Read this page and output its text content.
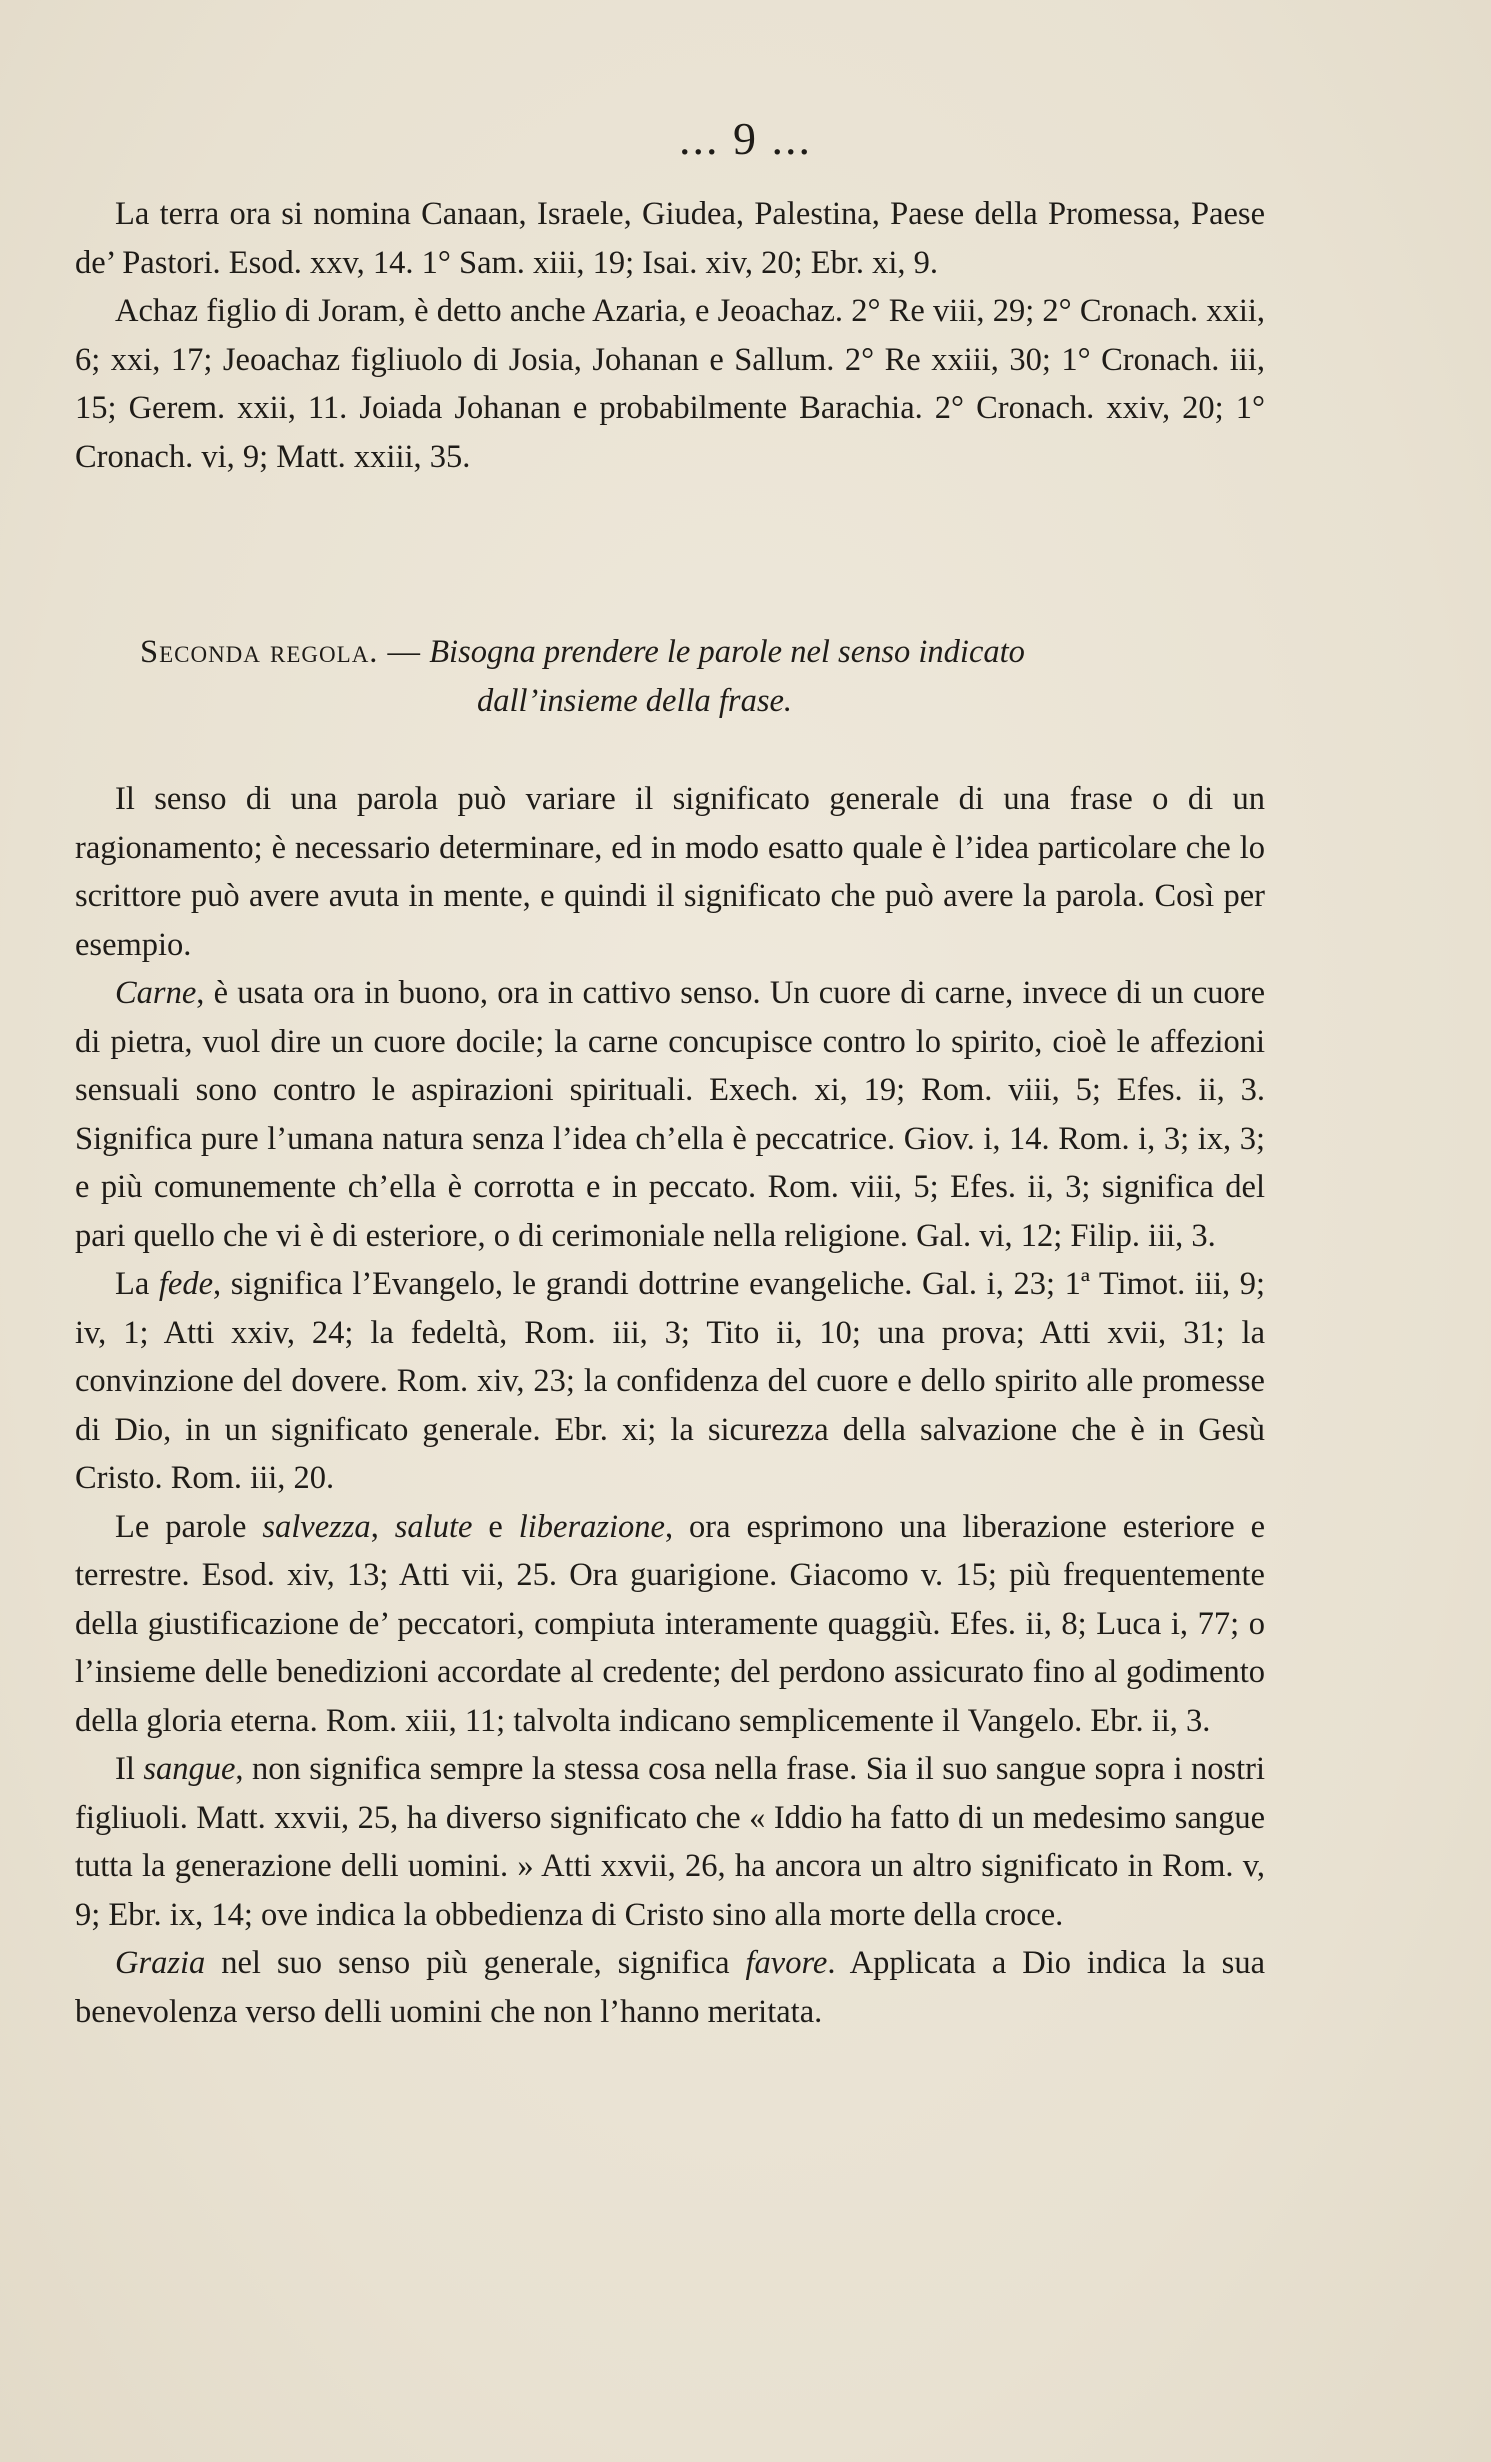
... 9 ...

La terra ora si nomina Canaan, Israele, Giudea, Palestina, Paese della Promessa, Paese de’ Pastori. Esod. xxv, 14. 1° Sam. xiii, 19; Isai. xiv, 20; Ebr. xi, 9.

Achaz figlio di Joram, è detto anche Azaria, e Jeoachaz. 2° Re viii, 29; 2° Cronach. xxii, 6; xxi, 17; Jeoachaz figliuolo di Josia, Johanan e Sallum. 2° Re xxiii, 30; 1° Cronach. iii, 15; Gerem. xxii, 11. Joiada Johanan e probabilmente Barachia. 2° Cronach. xxiv, 20; 1° Cronach. vi, 9; Matt. xxiii, 35.

Seconda regola. — Bisogna prendere le parole nel senso indicato
dall’insieme della frase.

Il senso di una parola può variare il significato generale di una frase o di un ragionamento; è necessario determinare, ed in modo esatto quale è l’idea particolare che lo scrittore può avere avuta in mente, e quindi il significato che può avere la parola. Così per esempio.

Carne, è usata ora in buono, ora in cattivo senso. Un cuore di carne, invece di un cuore di pietra, vuol dire un cuore docile; la carne concupisce contro lo spirito, cioè le affezioni sensuali sono contro le aspirazioni spirituali. Exech. xi, 19; Rom. viii, 5; Efes. ii, 3. Significa pure l’umana natura senza l’idea ch’ella è peccatrice. Giov. i, 14. Rom. i, 3; ix, 3; e più comunemente ch’ella è corrotta e in peccato. Rom. viii, 5; Efes. ii, 3; significa del pari quello che vi è di esteriore, o di cerimoniale nella religione. Gal. vi, 12; Filip. iii, 3.

La fede, significa l’Evangelo, le grandi dottrine evangeliche. Gal. i, 23; 1ª Timot. iii, 9; iv, 1; Atti xxiv, 24; la fedeltà, Rom. iii, 3; Tito ii, 10; una prova; Atti xvii, 31; la convinzione del dovere. Rom. xiv, 23; la confidenza del cuore e dello spirito alle promesse di Dio, in un significato generale. Ebr. xi; la sicurezza della salvazione che è in Gesù Cristo. Rom. iii, 20.

Le parole salvezza, salute e liberazione, ora esprimono una liberazione esteriore e terrestre. Esod. xiv, 13; Atti vii, 25. Ora guarigione. Giacomo v. 15; più frequentemente della giustificazione de’ peccatori, compiuta interamente quaggiù. Efes. ii, 8; Luca i, 77; o l’insieme delle benedizioni accordate al credente; del perdono assicurato fino al godimento della gloria eterna. Rom. xiii, 11; talvolta indicano semplicemente il Vangelo. Ebr. ii, 3.

Il sangue, non significa sempre la stessa cosa nella frase. Sia il suo sangue sopra i nostri figliuoli. Matt. xxvii, 25, ha diverso significato che « Iddio ha fatto di un medesimo sangue tutta la generazione delli uomini. » Atti xxvii, 26, ha ancora un altro significato in Rom. v, 9; Ebr. ix, 14; ove indica la obbedienza di Cristo sino alla morte della croce.

Grazia nel suo senso più generale, significa favore. Applicata a Dio indica la sua benevolenza verso delli uomini che non l’hanno meritata.
